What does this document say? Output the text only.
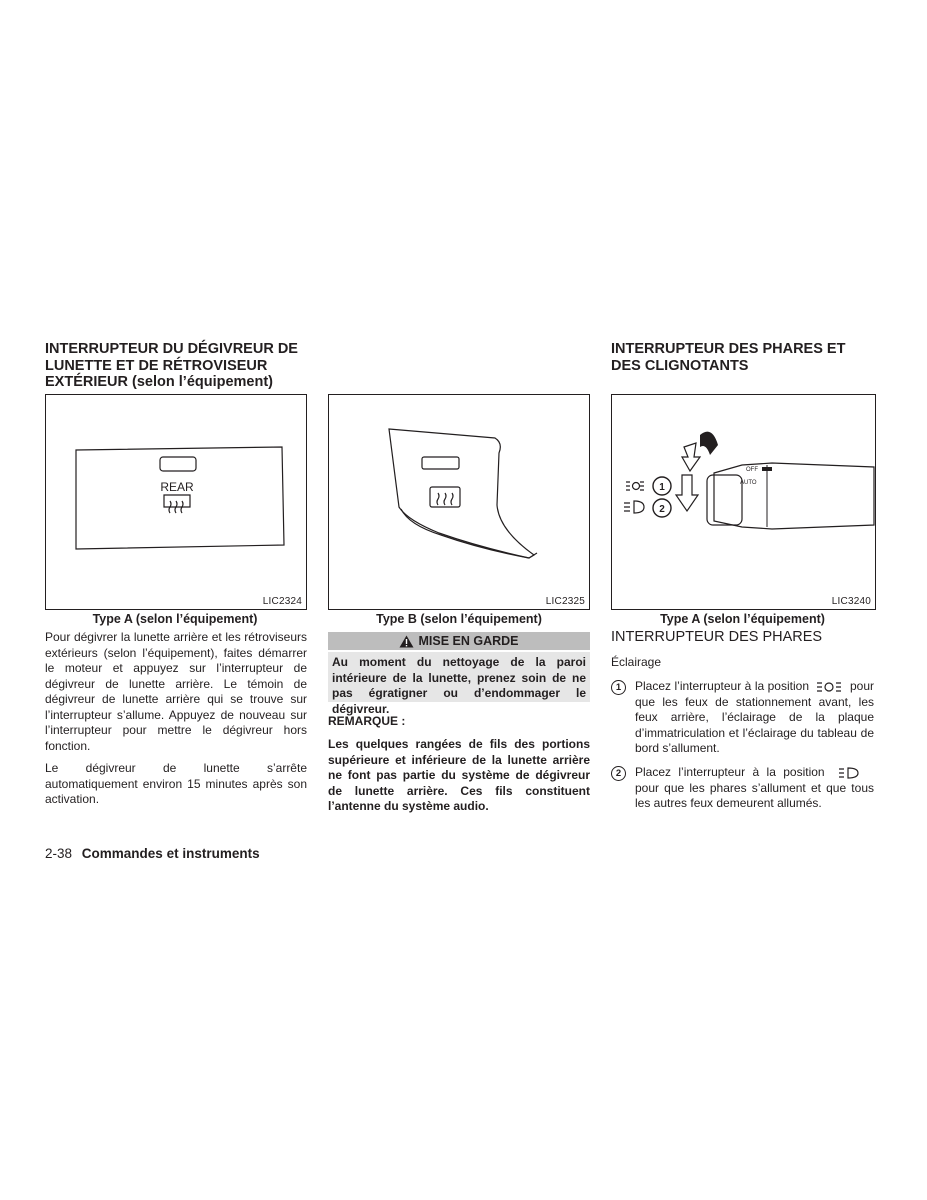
INTERRUPTEUR DU DÉGIVREUR DE
LUNETTE ET DE RÉTROVISEUR
EXTÉRIEUR (selon l’équipement)
REAR
LIC2324
Type A (selon l’équipement)

Pour dégivrer la lunette arrière et les rétroviseurs extérieurs (selon l’équipement), faites démarrer le moteur et appuyez sur l’interrupteur de dégivreur de lunette arrière. Le témoin de dégivreur de lunette arrière qui se trouve sur l’interrupteur s’allume. Appuyez de nouveau sur l’interrupteur pour mettre le dégivreur hors fonction.

Le dégivreur de lunette s’arrête automatiquement environ 15 minutes après son activation.

LIC2325
Type B (selon l’équipement)
MISE EN GARDE
Au moment du nettoyage de la paroi intérieure de la lunette, prenez soin de ne pas égratigner ou d’endommager le dégivreur.
REMARQUE :
Les quelques rangées de fils des portions supérieure et inférieure de la lunette arrière ne font pas partie du système de dégivreur de lunette arrière. Ces fils constituent l’antenne du système audio.
INTERRUPTEUR DES PHARES ET
DES CLIGNOTANTS
OFF
AUTO
1
2
LIC3240
Type A (selon l’équipement)
INTERRUPTEUR DES PHARES
Éclairage
1	Placez l’interrupteur à la position	pour que les feux de stationnement avant, les feux arrière, l’éclairage de la plaque d’immatriculation et l’éclairage du tableau de bord s’allument.
2	Placez l’interrupteur à la position  pour que les phares s’allument et que tous les autres feux demeurent allumés.
2-38 Commandes et instruments
